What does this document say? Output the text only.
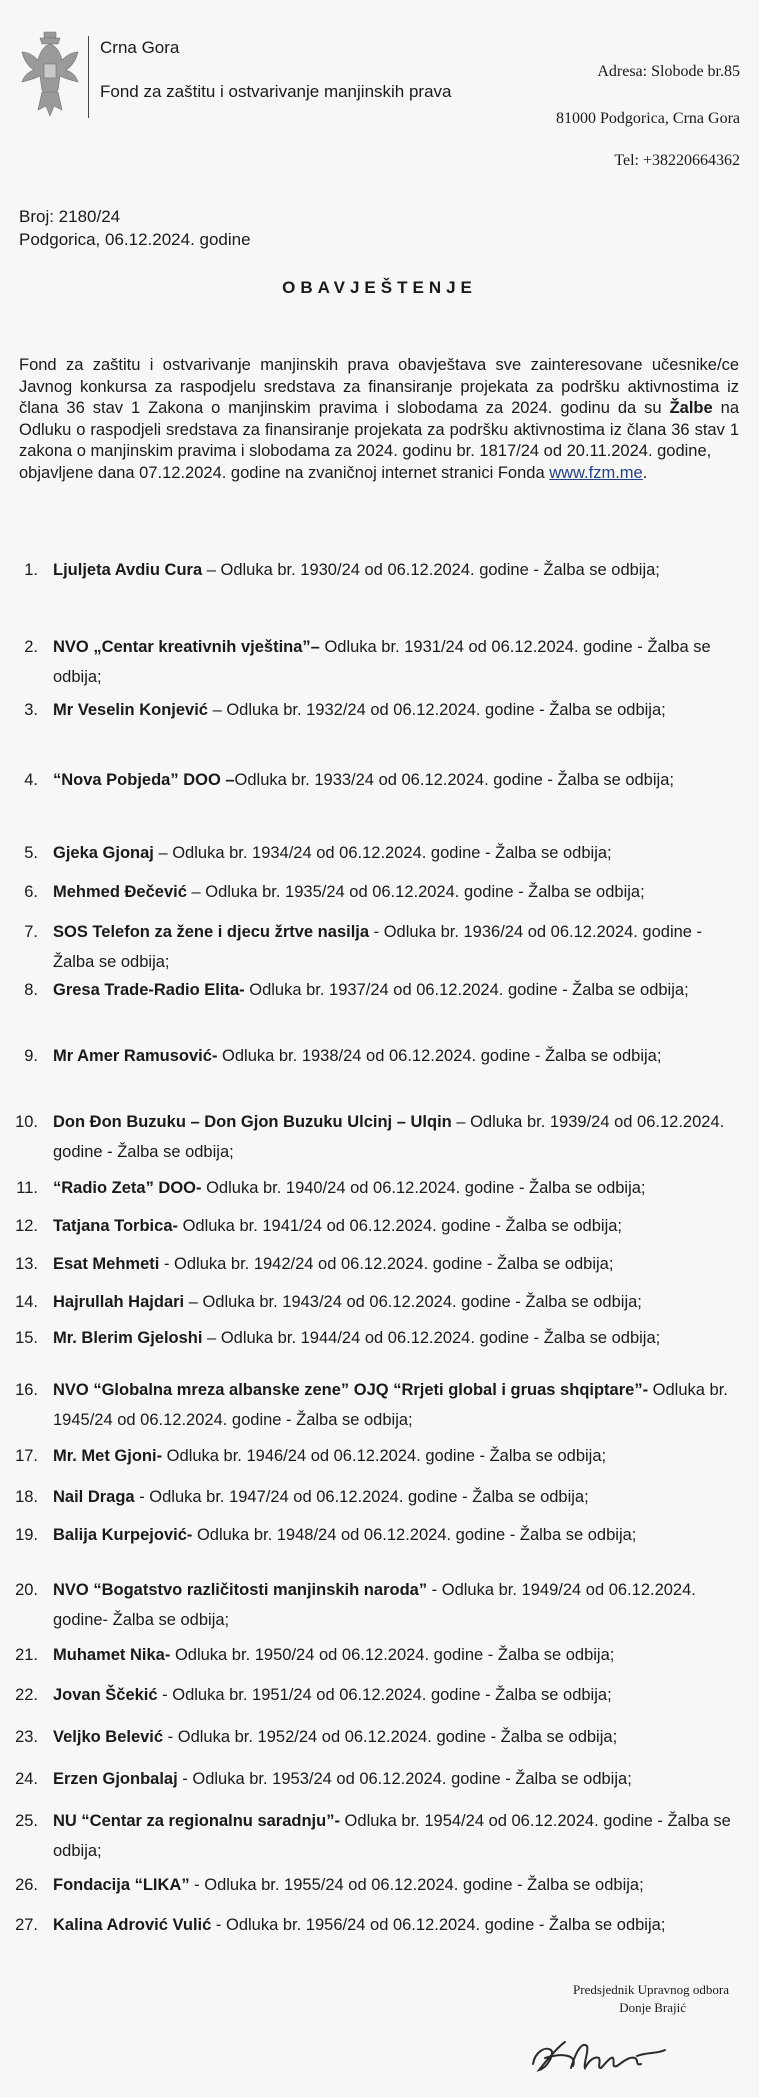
Crna Gora
Fond za zaštitu i ostvarivanje manjinskih prava
Adresa: Slobode br.85
81000 Podgorica, Crna Gora
Tel: +38220664362
Broj: 2180/24
Podgorica, 06.12.2024. godine
OBAVJEŠTENJE
Fond za zaštitu i ostvarivanje manjinskih prava obavještava sve zainteresovane učesnike/ce Javnog konkursa za raspodjelu sredstava za finansiranje projekata za podršku aktivnostima iz člana 36 stav 1 Zakona o manjinskim pravima i slobodama za 2024. godinu da su Žalbe na Odluku o raspodjeli sredstava za finansiranje projekata za podršku aktivnostima iz člana 36 stav 1 zakona o manjinskim pravima i slobodama za 2024. godinu br. 1817/24 od 20.11.2024. godine,
objavljene dana 07.12.2024. godine na zvaničnoj internet stranici Fonda www.fzm.me.
1. Ljuljeta Avdiu Cura – Odluka br. 1930/24 od 06.12.2024. godine - Žalba se odbija;
2. NVO „Centar kreativnih vještina”– Odluka br. 1931/24 od 06.12.2024. godine - Žalba se odbija;
3. Mr Veselin Konjević – Odluka br. 1932/24 od 06.12.2024. godine - Žalba se odbija;
4. “Nova Pobjeda” DOO –Odluka br. 1933/24 od 06.12.2024. godine - Žalba se odbija;
5. Gjeka Gjonaj – Odluka br. 1934/24 od 06.12.2024. godine - Žalba se odbija;
6. Mehmed Đečević – Odluka br. 1935/24 od 06.12.2024. godine - Žalba se odbija;
7. SOS Telefon za žene i djecu žrtve nasilja - Odluka br. 1936/24 od 06.12.2024. godine - Žalba se odbija;
8. Gresa Trade-Radio Elita- Odluka br. 1937/24 od 06.12.2024. godine - Žalba se odbija;
9. Mr Amer Ramusović- Odluka br. 1938/24 od 06.12.2024. godine - Žalba se odbija;
10. Don Đon Buzuku – Don Gjon Buzuku Ulcinj – Ulqin – Odluka br. 1939/24 od 06.12.2024. godine - Žalba se odbija;
11. “Radio Zeta” DOO- Odluka br. 1940/24 od 06.12.2024. godine - Žalba se odbija;
12. Tatjana Torbica- Odluka br. 1941/24 od 06.12.2024. godine - Žalba se odbija;
13. Esat Mehmeti - Odluka br. 1942/24 od 06.12.2024. godine - Žalba se odbija;
14. Hajrullah Hajdari – Odluka br. 1943/24 od 06.12.2024. godine - Žalba se odbija;
15. Mr. Blerim Gjeloshi – Odluka br. 1944/24 od 06.12.2024. godine - Žalba se odbija;
16. NVO “Globalna mreza albanske zene” OJQ “Rrjeti global i gruas shqiptare”- Odluka br. 1945/24 od 06.12.2024. godine - Žalba se odbija;
17. Mr. Met Gjoni- Odluka br. 1946/24 od 06.12.2024. godine - Žalba se odbija;
18. Nail Draga - Odluka br. 1947/24 od 06.12.2024. godine - Žalba se odbija;
19. Balija Kurpejović- Odluka br. 1948/24 od 06.12.2024. godine - Žalba se odbija;
20. NVO “Bogatstvo različitosti manjinskih naroda” - Odluka br. 1949/24 od 06.12.2024. godine- Žalba se odbija;
21. Muhamet Nika- Odluka br. 1950/24 od 06.12.2024. godine - Žalba se odbija;
22. Jovan Ščekić - Odluka br. 1951/24 od 06.12.2024. godine - Žalba se odbija;
23. Veljko Belević - Odluka br. 1952/24 od 06.12.2024. godine - Žalba se odbija;
24. Erzen Gjonbalaj - Odluka br. 1953/24 od 06.12.2024. godine - Žalba se odbija;
25. NU “Centar za regionalnu saradnju”- Odluka br. 1954/24 od 06.12.2024. godine - Žalba se odbija;
26. Fondacija “LIKA” - Odluka br. 1955/24 od 06.12.2024. godine - Žalba se odbija;
27. Kalina Adrović Vulić - Odluka br. 1956/24 od 06.12.2024. godine - Žalba se odbija;
Predsjednik Upravnog odbora
Donje Brajić
